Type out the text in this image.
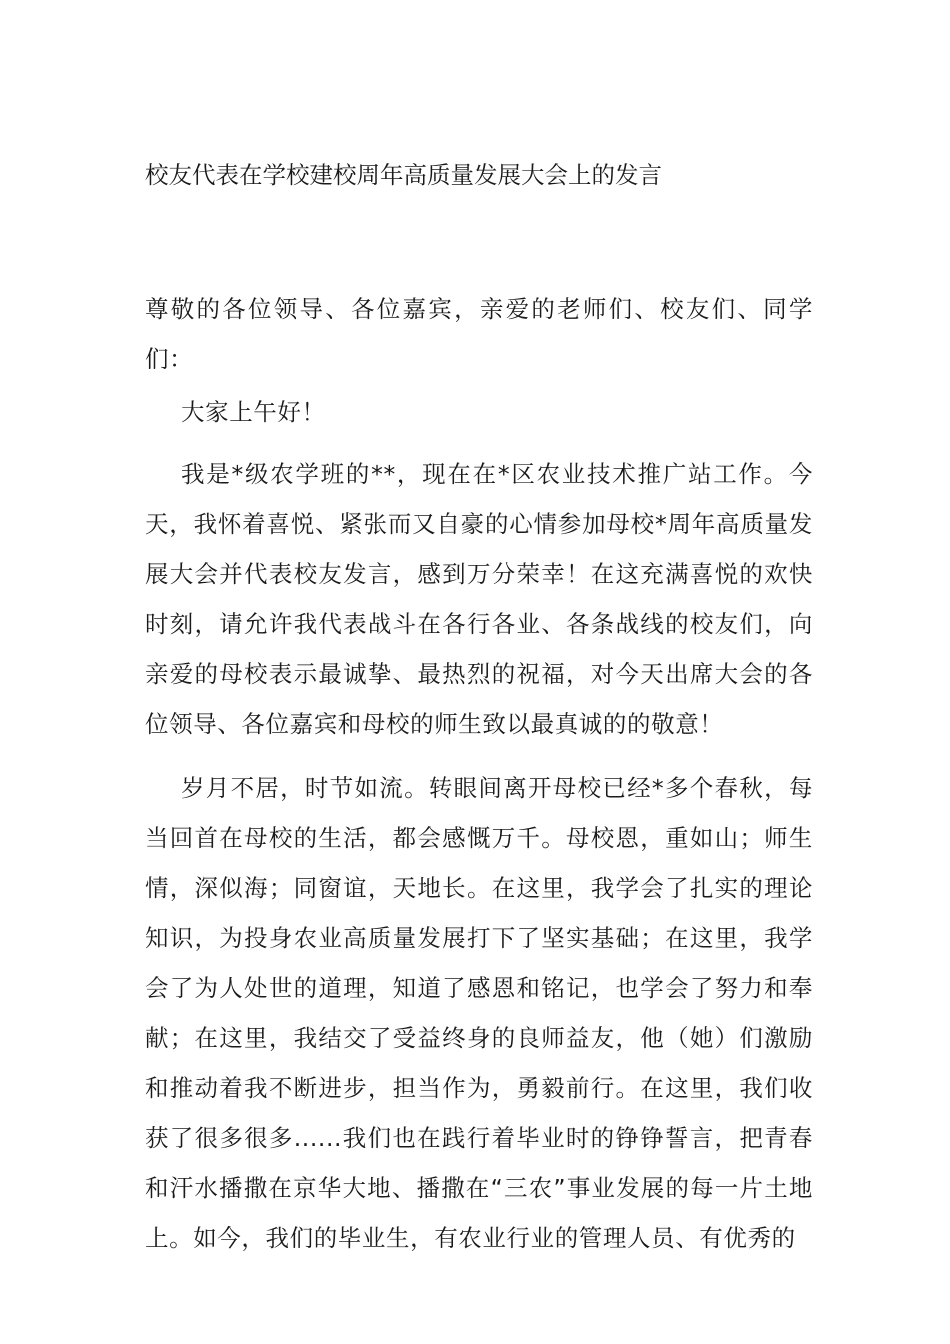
校友代表在学校建校周年高质量发展大会上的发言

尊敬的各位领导、各位嘉宾，亲爱的老师们、校友们、同学们：

大家上午好！

我是*级农学班的**，现在在*区农业技术推广站工作。今天，我怀着喜悦、紧张而又自豪的心情参加母校*周年高质量发展大会并代表校友发言，感到万分荣幸！在这充满喜悦的欢快时刻，请允许我代表战斗在各行各业、各条战线的校友们，向亲爱的母校表示最诚挚、最热烈的祝福，对今天出席大会的各位领导、各位嘉宾和母校的师生致以最真诚的的敬意！

岁月不居，时节如流。转眼间离开母校已经*多个春秋，每当回首在母校的生活，都会感慨万千。母校恩，重如山；师生情，深似海；同窗谊，天地长。在这里，我学会了扎实的理论知识，为投身农业高质量发展打下了坚实基础；在这里，我学会了为人处世的道理，知道了感恩和铭记，也学会了努力和奉献；在这里，我结交了受益终身的良师益友，他（她）们激励和推动着我不断进步，担当作为，勇毅前行。在这里，我们收获了很多很多......我们也在践行着毕业时的铮铮誓言，把青春和汗水播撒在京华大地、播撒在“三农”事业发展的每一片土地上。如今，我们的毕业生，有农业行业的管理人员、有优秀的
